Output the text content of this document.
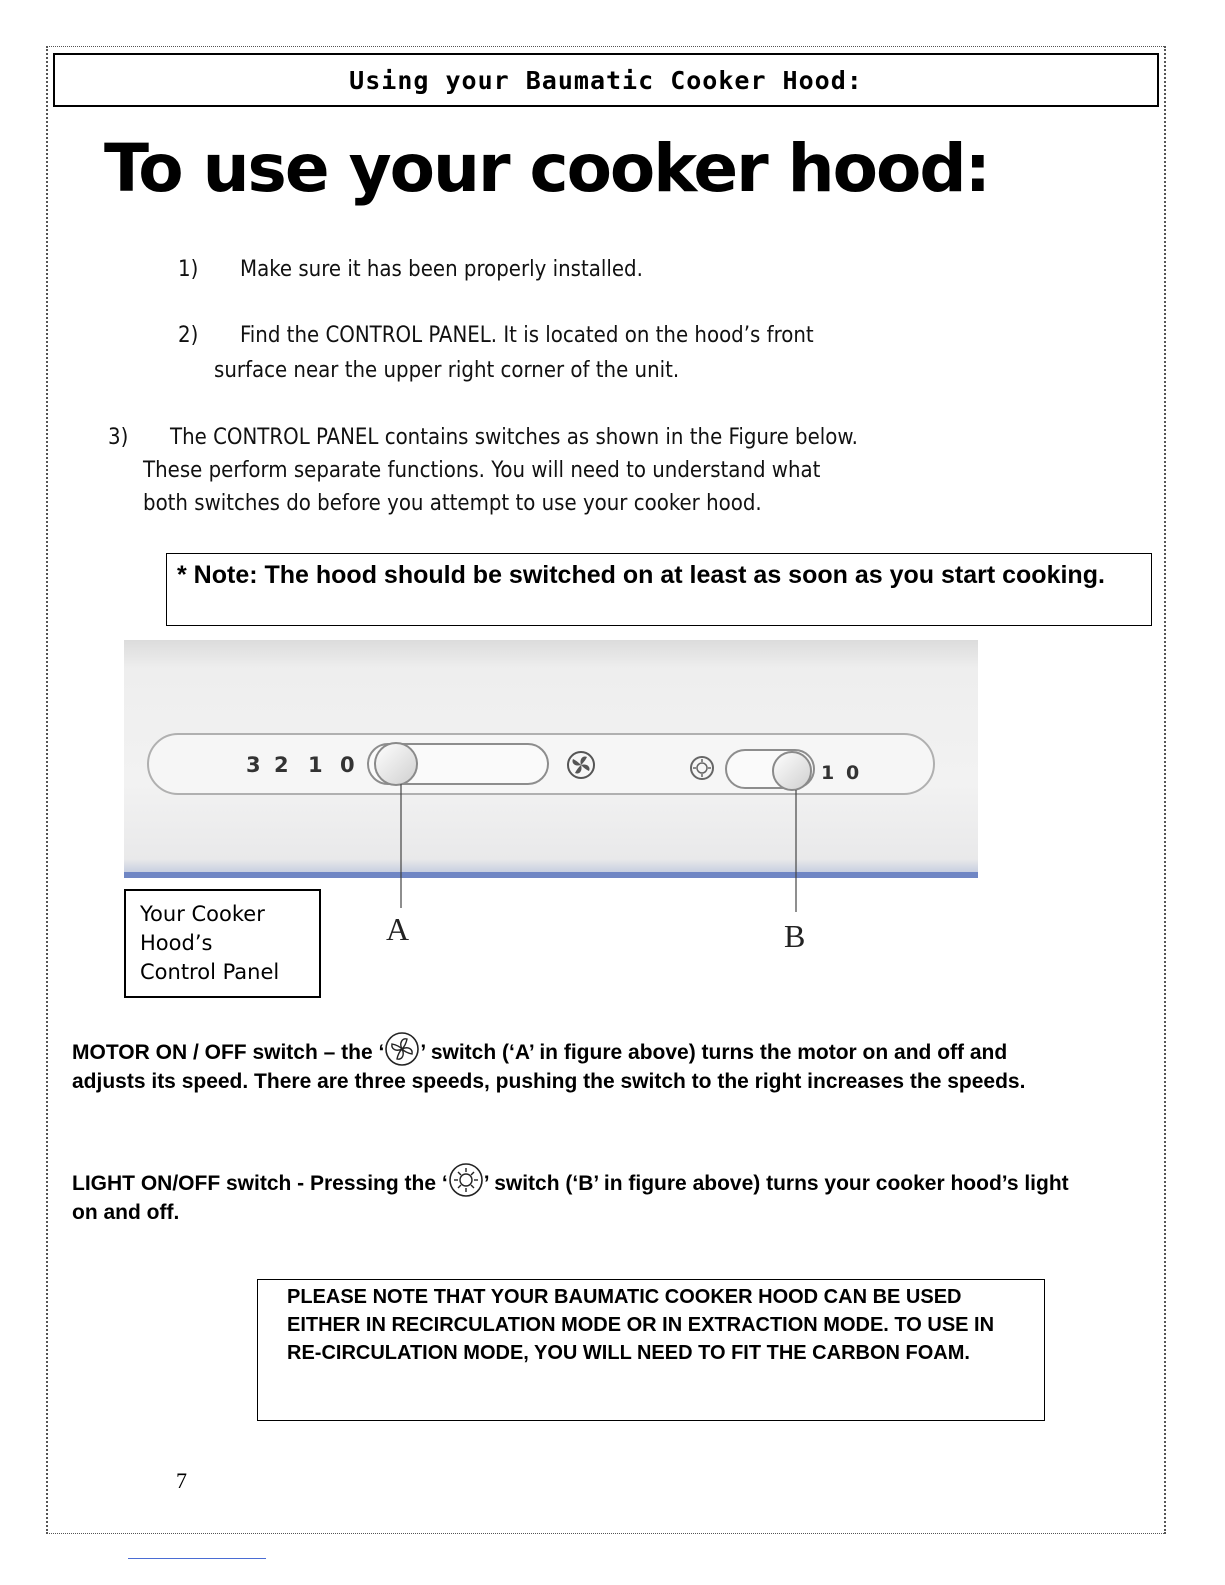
Using your Baumatic Cooker Hood:
To use your cooker hood:
1) Make sure it has been properly installed.
2) Find the CONTROL PANEL. It is located on the hood’s front
surface near the upper right corner of the unit.
3) The CONTROL PANEL contains switches as shown in the Figure below.
These perform separate functions. You will need to understand what
both switches do before you attempt to use your cooker hood.
* Note: The hood should be switched on at least as soon as you start cooking.
3 2 1 0	1 0
A	B
Your Cooker
Hood’s
Control Panel
MOTOR ON / OFF switch – the ‘ ’ switch (‘A’ in figure above) turns the motor on and off and adjusts its speed. There are three speeds, pushing the switch to the right increases the speeds.
LIGHT ON/OFF switch - Pressing the ‘ ’ switch (‘B’ in figure above) turns your cooker hood’s light on and off.
PLEASE NOTE THAT YOUR BAUMATIC COOKER HOOD CAN BE USED EITHER IN RECIRCULATION MODE OR IN EXTRACTION MODE. TO USE IN RE-CIRCULATION MODE, YOU WILL NEED TO FIT THE CARBON FOAM.
7
